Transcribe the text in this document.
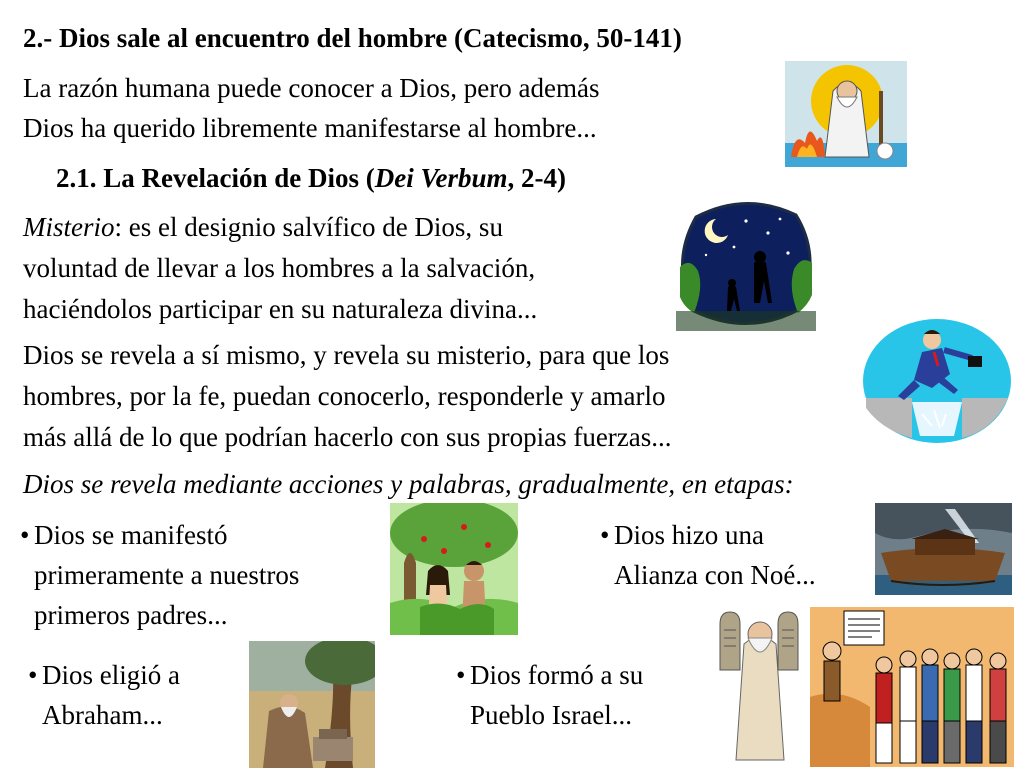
2.- Dios sale al encuentro del hombre (Catecismo, 50-141)
La razón humana puede conocer a Dios, pero además
Dios ha querido libremente manifestarse al hombre...
2.1. La Revelación de Dios (Dei Verbum, 2-4)
Misterio: es el designio salvífico de Dios, su
voluntad de llevar a los hombres a la salvación,
haciéndolos participar en su naturaleza divina...
Dios se revela a sí mismo, y revela su misterio, para que los
hombres, por la fe, puedan conocerlo, responderle y amarlo
más allá de lo que podrían hacerlo con sus propias fuerzas...
Dios se revela mediante acciones y palabras, gradualmente, en etapas:
• Dios se manifestó
primeramente a nuestros
primeros padres...
• Dios hizo una
Alianza con Noé...
• Dios eligió a
Abraham...
• Dios formó a su
Pueblo Israel...
